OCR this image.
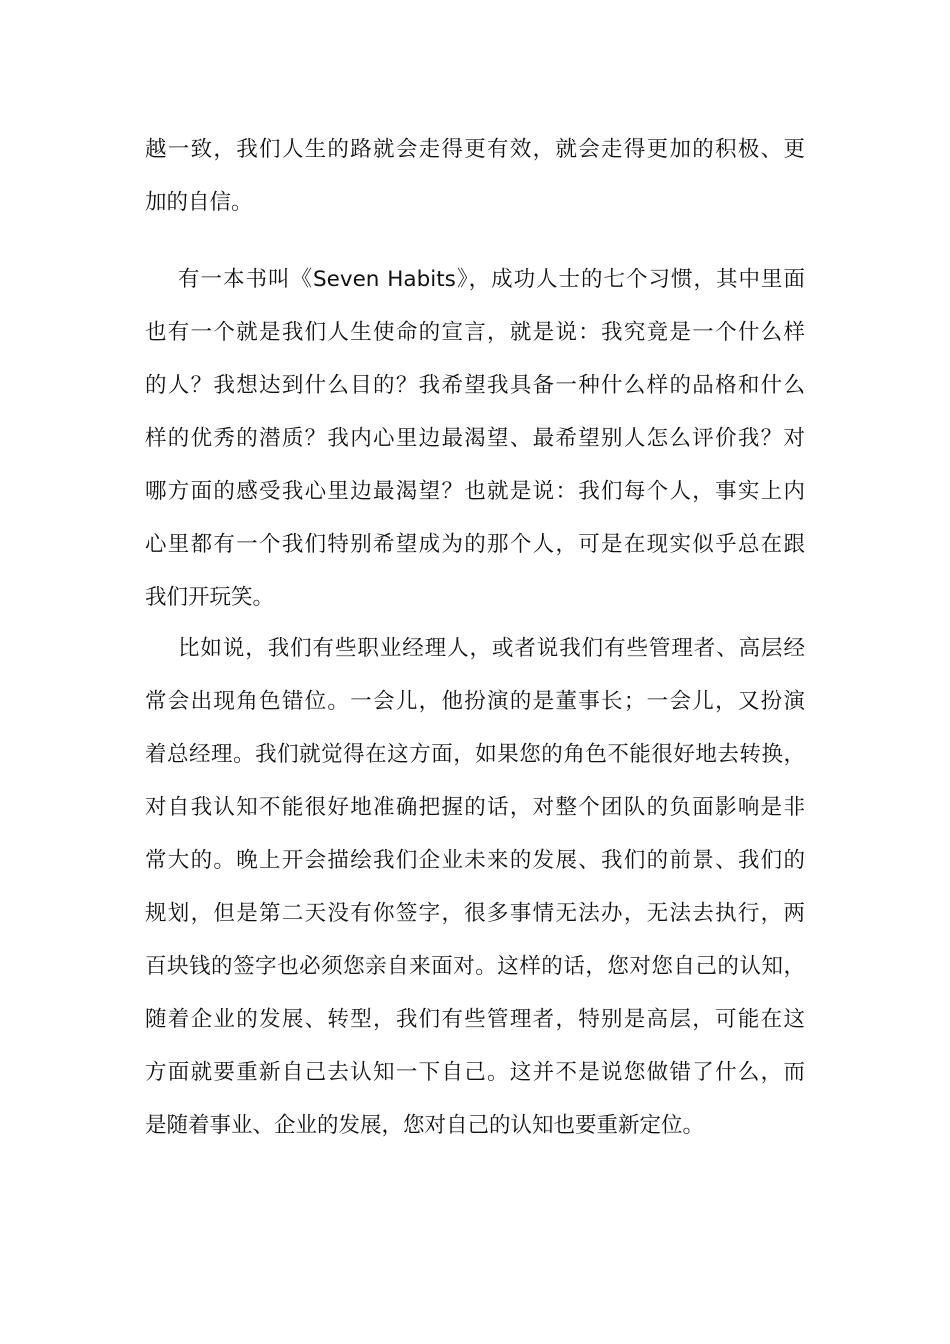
越一致，我们人生的路就会走得更有效，就会走得更加的积极、更
加的自信。
有一本书叫《Seven Habits》，成功人士的七个习惯，其中里面
也有一个就是我们人生使命的宣言，就是说：我究竟是一个什么样
的人？我想达到什么目的？我希望我具备一种什么样的品格和什么
样的优秀的潜质？我内心里边最渴望、最希望别人怎么评价我？对
哪方面的感受我心里边最渴望？也就是说：我们每个人，事实上内
心里都有一个我们特别希望成为的那个人，可是在现实似乎总在跟
我们开玩笑。
比如说，我们有些职业经理人，或者说我们有些管理者、高层经
常会出现角色错位。一会儿，他扮演的是董事长；一会儿，又扮演
着总经理。我们就觉得在这方面，如果您的角色不能很好地去转换，
对自我认知不能很好地准确把握的话，对整个团队的负面影响是非
常大的。晚上开会描绘我们企业未来的发展、我们的前景、我们的
规划，但是第二天没有你签字，很多事情无法办，无法去执行，两
百块钱的签字也必须您亲自来面对。这样的话，您对您自己的认知，
随着企业的发展、转型，我们有些管理者，特别是高层，可能在这
方面就要重新自己去认知一下自己。这并不是说您做错了什么，而
是随着事业、企业的发展，您对自己的认知也要重新定位。
